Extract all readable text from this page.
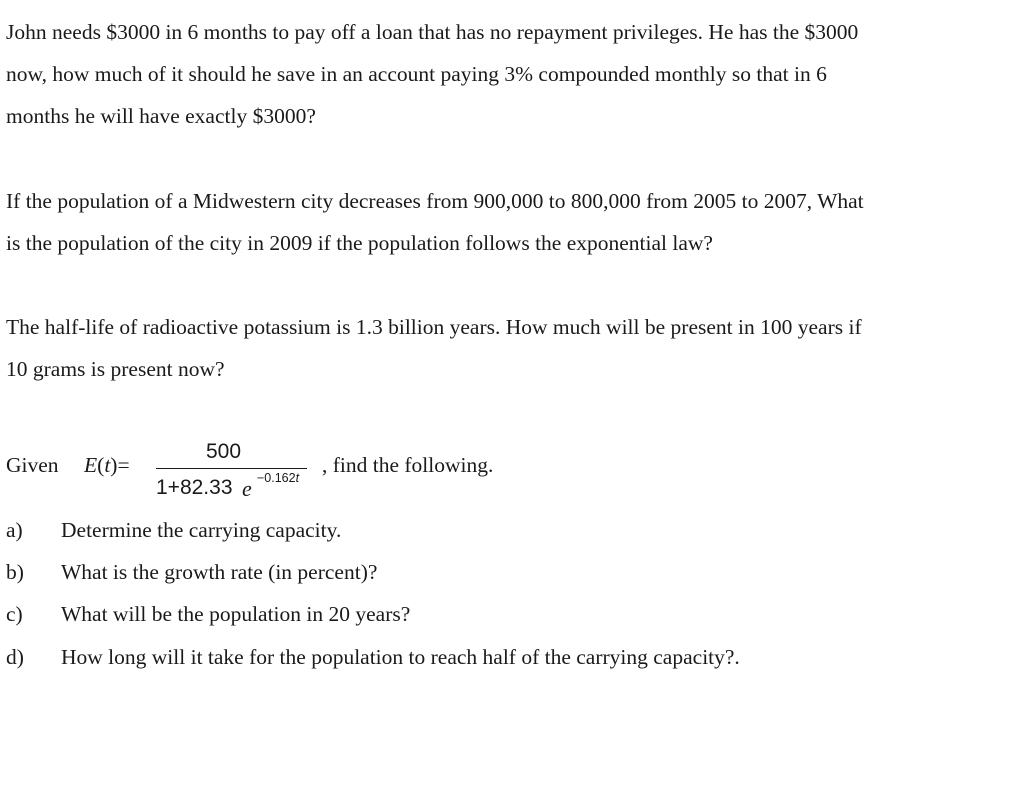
John needs $3000 in 6 months to pay off a loan that has no repayment privileges. He has the $3000
now, how much of it should he save in an account paying 3% compounded monthly so that in 6
months he will have exactly $3000?
If the population of a Midwestern city decreases from 900,000 to 800,000 from 2005 to 2007, What
is the population of the city in 2009 if the population follows the exponential law?
The half-life of radioactive potassium is 1.3 billion years. How much will be present in 100 years if
10 grams is present now?
Given E(t)=
500
1+82.33 e −0.162t
, find the following.
a) Determine the carrying capacity.
b) What is the growth rate (in percent)?
c) What will be the population in 20 years?
d) How long will it take for the population to reach half of the carrying capacity?.
